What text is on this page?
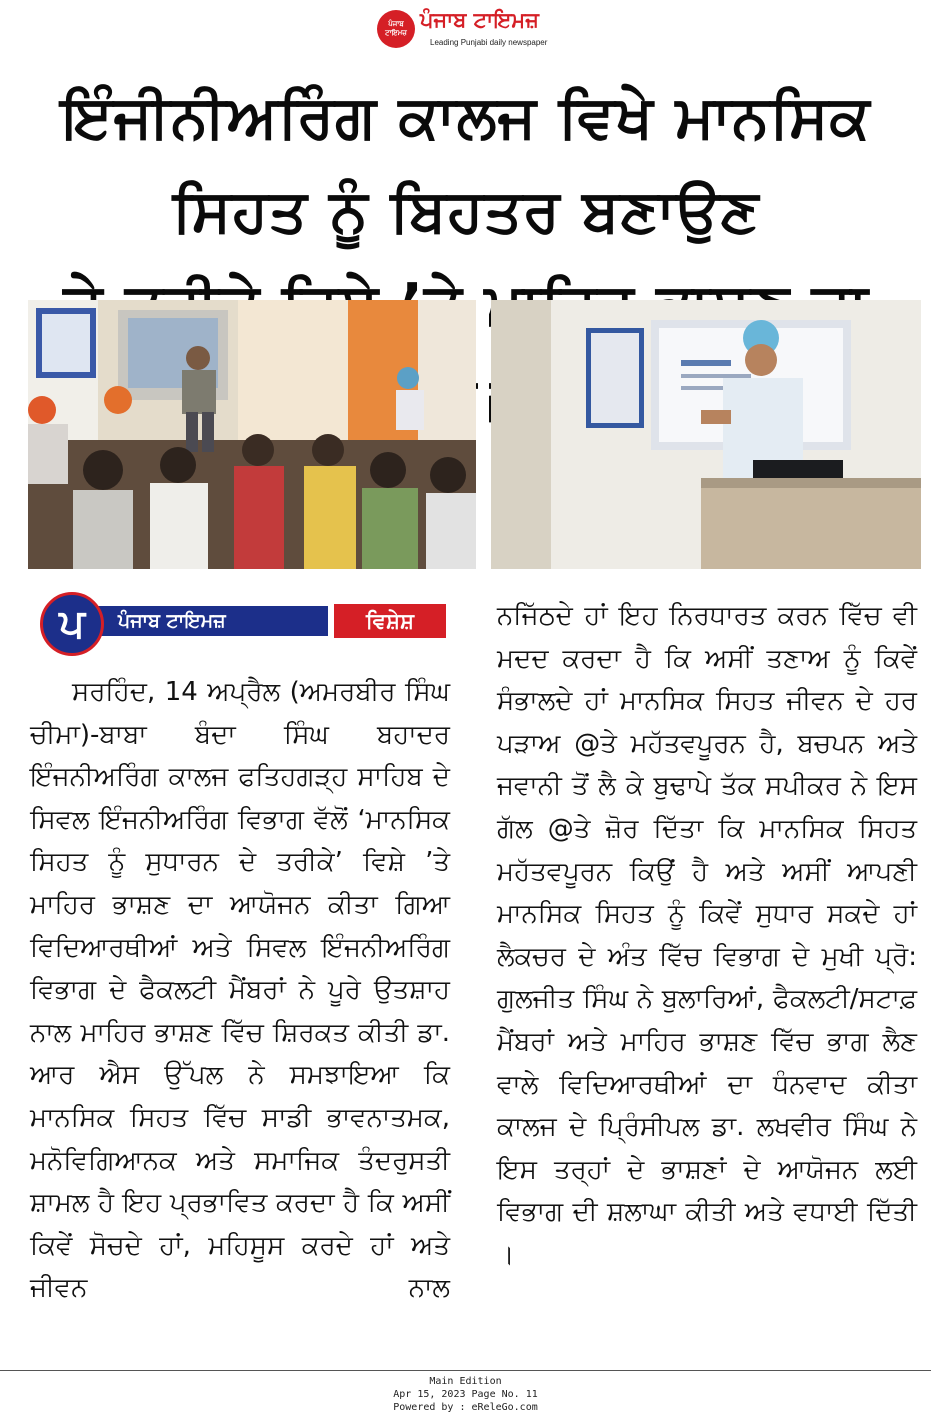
ਪੰਜਾਬ ਟਾਇਮਜ਼
ਪੰਜਾਬ ਟਾਇਮਜ਼
Leading Punjabi daily newspaper
ਇੰਜੀਨੀਅਰਿੰਗ ਕਾਲਜ ਵਿਖੇ ਮਾਨਸਿਕ ਸਿਹਤ ਨੂੰ ਬਿਹਤਰ ਬਣਾਉਣ
ਪੰਜਾਬ ਟਾਇਮਜ਼
ਪ	ਵਿਸ਼ੇਸ਼

ਸਰਹਿੰਦ, 14 ਅਪ੍ਰੈਲ (ਅਮਰਬੀਰ ਸਿੰਘ ਚੀਮਾ)-ਬਾਬਾ ਬੰਦਾ ਸਿੰਘ ਬਹਾਦਰ ਇੰਜਨੀਅਰਿੰਗ ਕਾਲਜ ਫਤਿਹਗੜ੍ਹ ਸਾਹਿਬ ਦੇ ਸਿਵਲ ਇੰਜਨੀਅਰਿੰਗ ਵਿਭਾਗ ਵੱਲੋਂ ‘ਮਾਨਸਿਕ ਸਿਹਤ ਨੂੰ ਸੁਧਾਰਨ ਦੇ ਤਰੀਕੇ’ ਵਿਸ਼ੇ ’ਤੇ ਮਾਹਿਰ ਭਾਸ਼ਣ ਦਾ ਆਯੋਜਨ ਕੀਤਾ ਗਿਆ ਵਿਦਿਆਰਥੀਆਂ ਅਤੇ ਸਿਵਲ ਇੰਜਨੀਅਰਿੰਗ ਵਿਭਾਗ ਦੇ ਫੈਕਲਟੀ ਮੈਂਬਰਾਂ ਨੇ ਪੂਰੇ ਉਤਸ਼ਾਹ ਨਾਲ ਮਾਹਿਰ ਭਾਸ਼ਣ ਵਿੱਚ ਸ਼ਿਰਕਤ ਕੀਤੀ ਡਾ. ਆਰ ਐਸ ਉੱਪਲ ਨੇ ਸਮਝਾਇਆ ਕਿ ਮਾਨਸਿਕ ਸਿਹਤ ਵਿੱਚ ਸਾਡੀ ਭਾਵਨਾਤਮਕ, ਮਨੋਵਿਗਿਆਨਕ ਅਤੇ ਸਮਾਜਿਕ ਤੰਦਰੁਸਤੀ ਸ਼ਾਮਲ ਹੈ ਇਹ ਪ੍ਰਭਾਵਿਤ ਕਰਦਾ ਹੈ ਕਿ ਅਸੀਂ ਕਿਵੇਂ ਸੋਚਦੇ ਹਾਂ, ਮਹਿਸੂਸ ਕਰਦੇ ਹਾਂ ਅਤੇ ਜੀਵਨ ਨਾਲ

ਨਜਿੱਠਦੇ ਹਾਂ ਇਹ ਨਿਰਧਾਰਤ ਕਰਨ ਵਿੱਚ ਵੀ ਮਦਦ ਕਰਦਾ ਹੈ ਕਿ ਅਸੀਂ ਤਣਾਅ ਨੂੰ ਕਿਵੇਂ ਸੰਭਾਲਦੇ ਹਾਂ ਮਾਨਸਿਕ ਸਿਹਤ ਜੀਵਨ ਦੇ ਹਰ ਪੜਾਅ @ਤੇ ਮਹੱਤਵਪੂਰਨ ਹੈ, ਬਚਪਨ ਅਤੇ ਜਵਾਨੀ ਤੋਂ ਲੈ ਕੇ ਬੁਢਾਪੇ ਤੱਕ ਸਪੀਕਰ ਨੇ ਇਸ ਗੱਲ @ਤੇ ਜ਼ੋਰ ਦਿੱਤਾ ਕਿ ਮਾਨਸਿਕ ਸਿਹਤ ਮਹੱਤਵਪੂਰਨ ਕਿਉਂ ਹੈ ਅਤੇ ਅਸੀਂ ਆਪਣੀ ਮਾਨਸਿਕ ਸਿਹਤ ਨੂੰ ਕਿਵੇਂ ਸੁਧਾਰ ਸਕਦੇ ਹਾਂ ਲੈਕਚਰ ਦੇ ਅੰਤ ਵਿੱਚ ਵਿਭਾਗ ਦੇ ਮੁਖੀ ਪ੍ਰੋ: ਗੁਲਜੀਤ ਸਿੰਘ ਨੇ ਬੁਲਾਰਿਆਂ, ਫੈਕਲਟੀ/ਸਟਾਫ਼ ਮੈਂਬਰਾਂ ਅਤੇ ਮਾਹਿਰ ਭਾਸ਼ਣ ਵਿੱਚ ਭਾਗ ਲੈਣ ਵਾਲੇ ਵਿਦਿਆਰਥੀਆਂ ਦਾ ਧੰਨਵਾਦ ਕੀਤਾ ਕਾਲਜ ਦੇ ਪ੍ਰਿੰਸੀਪਲ ਡਾ. ਲਖਵੀਰ ਸਿੰਘ ਨੇ ਇਸ ਤਰ੍ਹਾਂ ਦੇ ਭਾਸ਼ਣਾਂ ਦੇ ਆਯੋਜਨ ਲਈ ਵਿਭਾਗ ਦੀ ਸ਼ਲਾਘਾ ਕੀਤੀ ਅਤੇ ਵਧਾਈ ਦਿੱਤੀ ।

Main Edition
Apr 15, 2023 Page No. 11
Powered by : eReleGo.com
